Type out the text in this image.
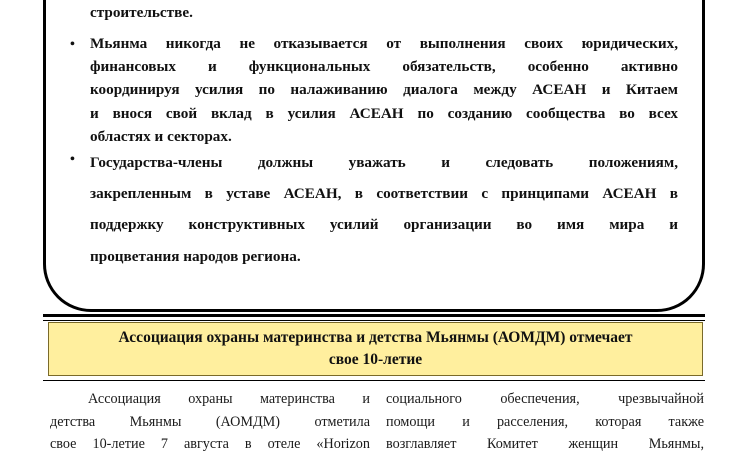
строительстве.
• Мьянма никогда не отказывается от выполнения своих юридических,
финансовых и функциональных обязательств, особенно активно
координируя усилия по налаживанию диалога между АСЕАН и Китаем
и внося свой вклад в усилия АСЕАН по созданию сообщества во всех
областях и секторах.
• Государства-члены должны уважать и следовать положениям,
закрепленным в уставе АСЕАН, в соответствии с принципами АСЕАН в
поддержку конструктивных усилий организации во имя мира и
процветания народов региона.
Ассоциация охраны материнства и детства Мьянмы (АОМДМ) отмечает
свое 10-летие
Ассоциация охраны материнства и
детства Мьянмы (АОМДМ) отметила
свое 10-летие 7 августа в отеле «Horizon
социального обеспечения, чрезвычайной
помощи и расселения, которая также
возглавляет Комитет женщин Мьянмы,
